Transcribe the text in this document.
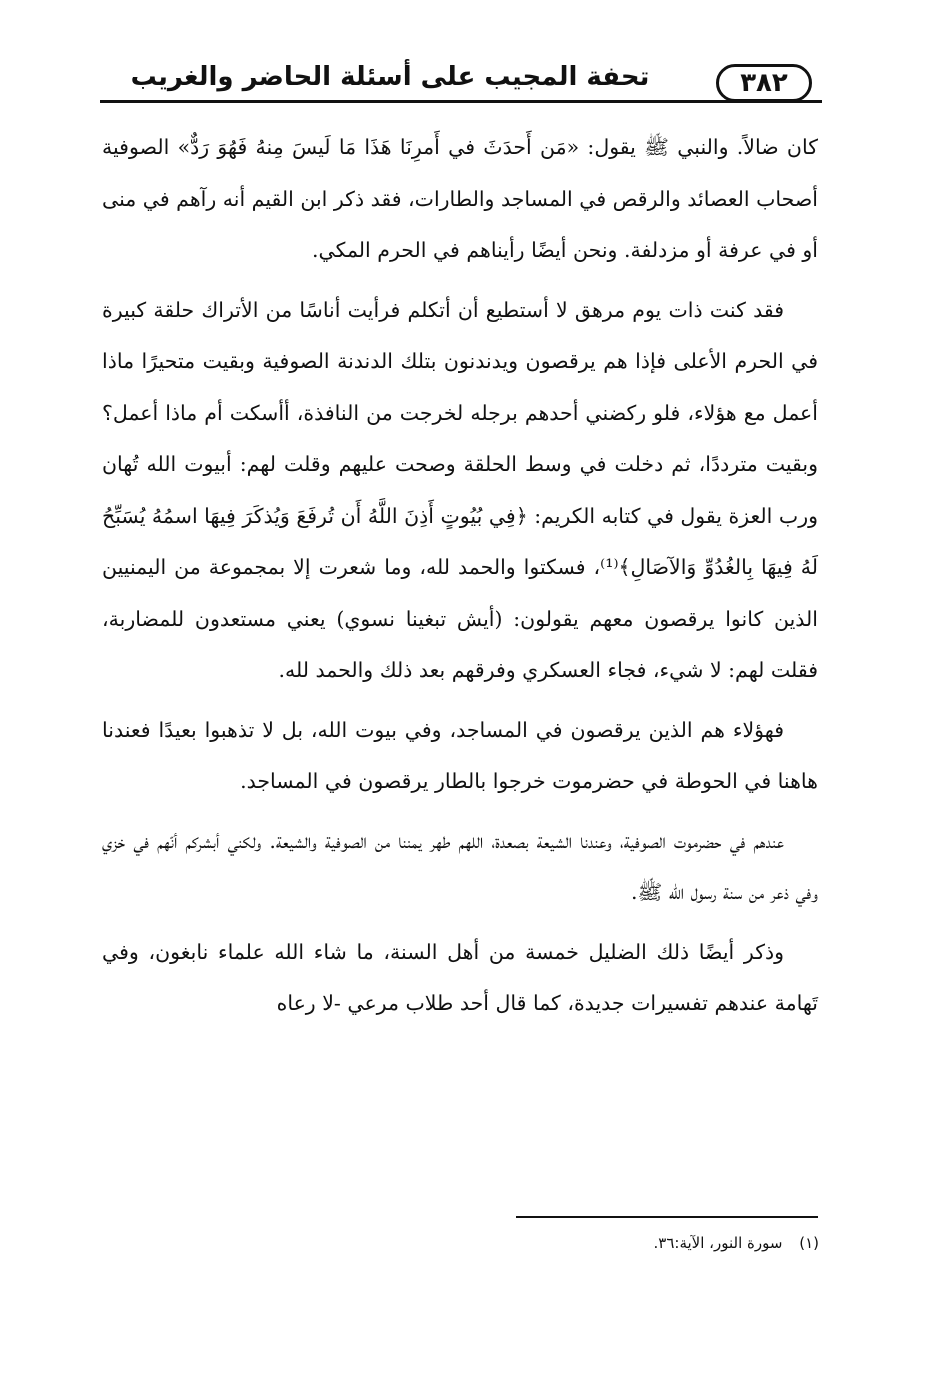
تحفة المجيب على أسئلة الحاضر والغريب	٣٨٢

كان ضالاً. والنبي ﷺ يقول: «مَن أَحدَثَ في أَمرِنَا هَذَا مَا لَيسَ مِنهُ فَهُوَ رَدٌّ» الصوفية أصحاب العصائد والرقص في المساجد والطارات، فقد ذكر ابن القيم أنه رآهم في منى أو في عرفة أو مزدلفة. ونحن أيضًا رأيناهم في الحرم المكي.

فقد كنت ذات يوم مرهق لا أستطيع أن أتكلم فرأيت أناسًا من الأتراك حلقة كبيرة في الحرم الأعلى فإذا هم يرقصون ويدندنون بتلك الدندنة الصوفية وبقيت متحيرًا ماذا أعمل مع هؤلاء، فلو ركضني أحدهم برجله لخرجت من النافذة، أأسكت أم ماذا أعمل؟ وبقيت مترددًا، ثم دخلت في وسط الحلقة وصحت عليهم وقلت لهم: أبيوت الله تُهان ورب العزة يقول في كتابه الكريم: ﴿فِي بُيُوتٍ أَذِنَ اللَّهُ أَن تُرفَعَ وَيُذكَرَ فِيهَا اسمُهُ يُسَبِّحُ لَهُ فِيهَا بِالغُدُوِّ وَالآصَالِ﴾⁽¹⁾، فسكتوا والحمد لله، وما شعرت إلا بمجموعة من اليمنيين الذين كانوا يرقصون معهم يقولون: (أيش تبغينا نسوي) يعني مستعدون للمضاربة، فقلت لهم: لا شيء، فجاء العسكري وفرقهم بعد ذلك والحمد لله.

فهؤلاء هم الذين يرقصون في المساجد، وفي بيوت الله، بل لا تذهبوا بعيدًا فعندنا هاهنا في الحوطة في حضرموت خرجوا بالطار يرقصون في المساجد.

عندهم في حضرموت الصوفية، وعندنا الشيعة بصعدة، اللهم طهر يمننا من الصوفية والشيعة. ولكني أبشركم أنّهم في خزي وفي ذعر من سنة رسول الله ﷺ.

وذكر أيضًا ذلك الضليل خمسة من أهل السنة، ما شاء الله علماء نابغون، وفي تَهامة عندهم تفسيرات جديدة، كما قال أحد طلاب مرعي -لا رعاه

(١) سورة النور، الآية:٣٦.
